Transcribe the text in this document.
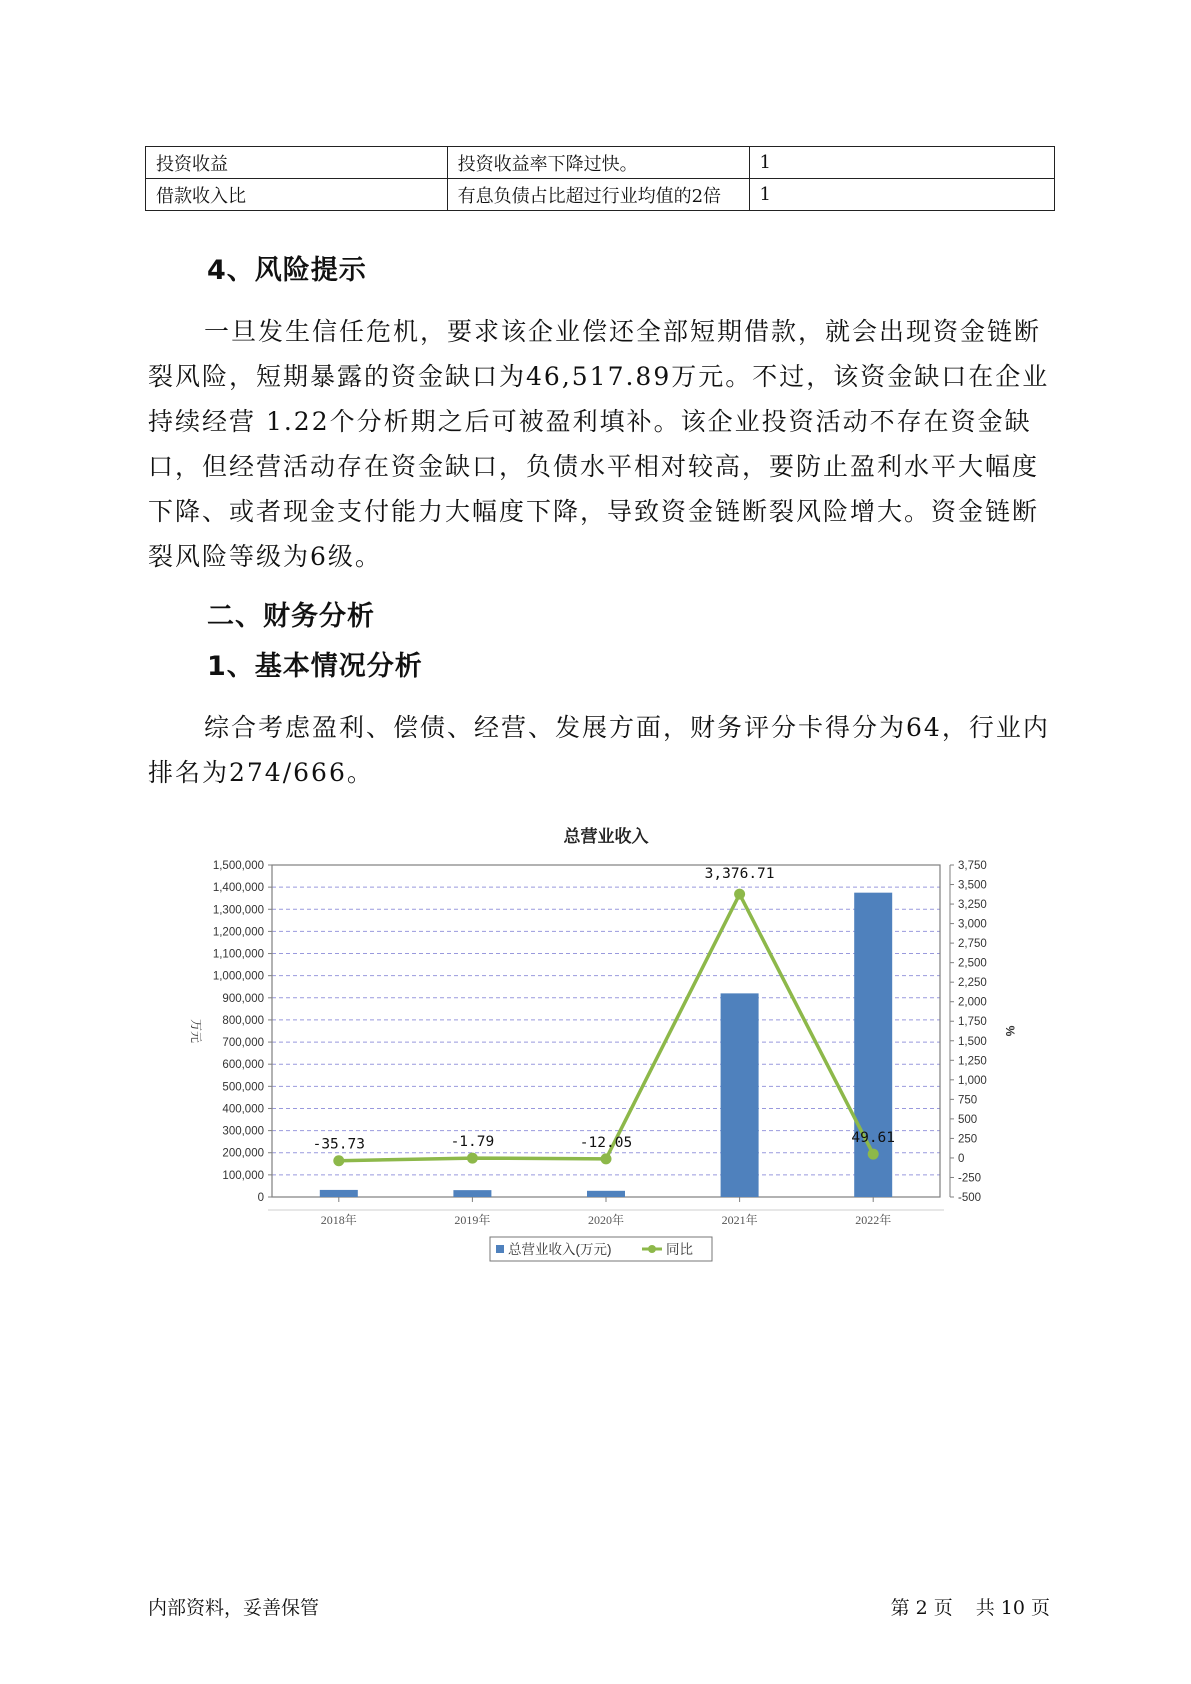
投资收益	投资收益率下降过快。	1
借款收入比	有息负债占比超过行业均值的2倍	1
4、风险提示

一旦发生信任危机，要求该企业偿还全部短期借款，就会出现资金链断裂风险，短期暴露的资金缺口为46,517.89万元。不过，该资金缺口在企业持续经营 1.22个分析期之后可被盈利填补。该企业投资活动不存在资金缺口，但经营活动存在资金缺口，负债水平相对较高，要防止盈利水平大幅度下降、或者现金支付能力大幅度下降，导致资金链断裂风险增大。资金链断裂风险等级为6级。

二、财务分析
1、基本情况分析

综合考虑盈利、偿债、经营、发展方面，财务评分卡得分为64，行业内排名为274/666。

总营业收入
0
100,000
200,000
300,000
400,000
500,000
600,000
700,000
800,000
900,000
1,000,000
1,100,000
1,200,000
1,300,000
1,400,000
1,500,000
-500
-250
0
250
500
750
1,000
1,250
1,500
1,750
2,000
2,250
2,500
2,750
3,000
3,250
3,500
3,750
万元	%
2018年	2019年	2020年	2021年	2022年
-35.73	-1.79	-12.05
3,376.71
49.61
总营业收入(万元)	同比
内部资料，妥善保管	第 2 页 共 10 页
